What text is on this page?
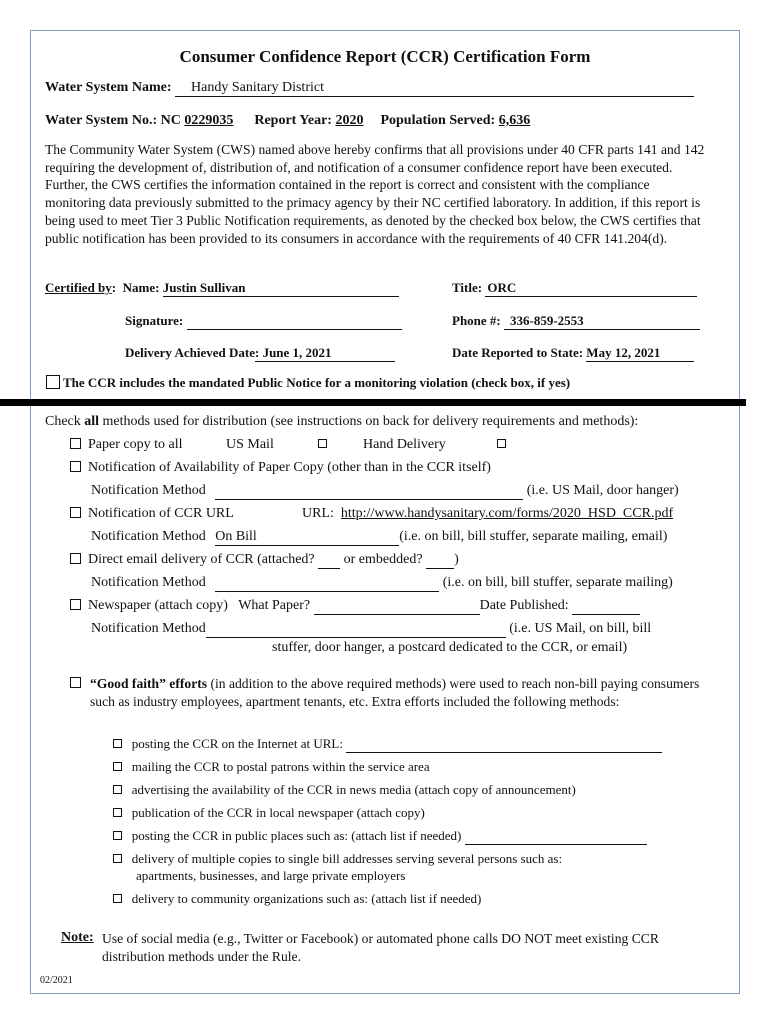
Consumer Confidence Report (CCR) Certification Form
Water System Name: Handy Sanitary District
Water System No.: NC 0229035 Report Year: 2020 Population Served: 6,636
The Community Water System (CWS) named above hereby confirms that all provisions under 40 CFR parts 141 and 142 requiring the development of, distribution of, and notification of a consumer confidence report have been executed. Further, the CWS certifies the information contained in the report is correct and consistent with the compliance monitoring data previously submitted to the primacy agency by their NC certified laboratory. In addition, if this report is being used to meet Tier 3 Public Notification requirements, as denoted by the checked box below, the CWS certifies that public notification has been provided to its consumers in accordance with the requirements of 40 CFR 141.204(d).
Certified by:  Name: Justin Sullivan	Title: ORC
Signature:	Phone #: 336-859-2553
Delivery Achieved Date: June 1, 2021	Date Reported to State: May 12, 2021
The CCR includes the mandated Public Notice for a monitoring violation (check box, if yes)
Check all methods used for distribution (see instructions on back for delivery requirements and methods):
Paper copy to all	US Mail	Hand Delivery
Notification of Availability of Paper Copy (other than in the CCR itself)
Notification Method	(i.e. US Mail, door hanger)
Notification of CCR URL	URL: http://www.handysanitary.com/forms/2020_HSD_CCR.pdf
Notification Method On Bill	(i.e. on bill, bill stuffer, separate mailing, email)
Direct email delivery of CCR (attached? or embedded? )
Notification Method	(i.e. on bill, bill stuffer, separate mailing)
Newspaper (attach copy) What Paper?	Date Published:
Notification Method	(i.e. US Mail, on bill, bill
stuffer, door hanger, a postcard dedicated to the CCR, or email)
“Good faith” efforts (in addition to the above required methods) were used to reach non-bill paying consumers such as industry employees, apartment tenants, etc. Extra efforts included the following methods:
posting the CCR on the Internet at URL:
mailing the CCR to postal patrons within the service area
advertising the availability of the CCR in news media (attach copy of announcement)
publication of the CCR in local newspaper (attach copy)
posting the CCR in public places such as: (attach list if needed)
delivery of multiple copies to single bill addresses serving several persons such as:
apartments, businesses, and large private employers
delivery to community organizations such as: (attach list if needed)
Note: Use of social media (e.g., Twitter or Facebook) or automated phone calls DO NOT meet existing CCR distribution methods under the Rule.
02/2021
